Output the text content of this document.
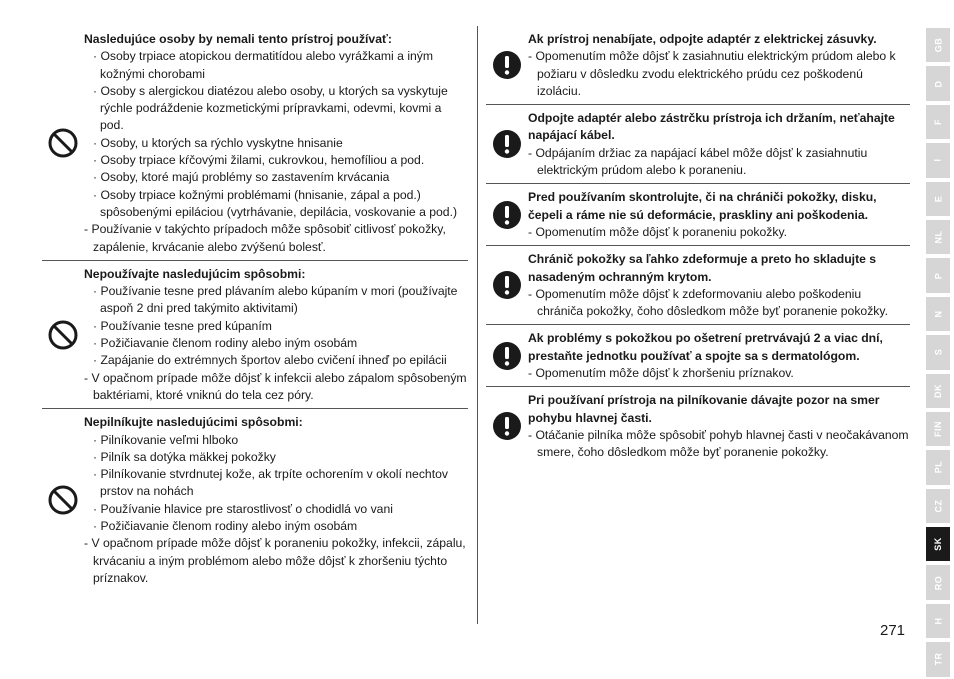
Nasledujúce osoby by nemali tento prístroj používať:
· Osoby trpiace atopickou dermatitídou alebo vyrážkami a iným kožnými chorobami
· Osoby s alergickou diatézou alebo osoby, u ktorých sa vyskytuje rýchle podráždenie kozmetickými prípravkami, odevmi, kovmi a pod.
· Osoby, u ktorých sa rýchlo vyskytne hnisanie
· Osoby trpiace kŕčovými žilami, cukrovkou, hemofíliou a pod.
· Osoby, ktoré majú problémy so zastavením krvácania
· Osoby trpiace kožnými problémami (hnisanie, zápal a pod.) spôsobenými epiláciou (vytrhávanie, depilácia, voskovanie a pod.)
- Používanie v takýchto prípadoch môže spôsobiť citlivosť pokožky, zapálenie, krvácanie alebo zvýšenú bolesť.
Nepoužívajte nasledujúcim spôsobmi:
· Používanie tesne pred plávaním alebo kúpaním v mori (používajte aspoň 2 dni pred takýmito aktivitami)
· Používanie tesne pred kúpaním
· Požičiavanie členom rodiny alebo iným osobám
· Zapájanie do extrémnych športov alebo cvičení ihneď po epilácii
- V opačnom prípade môže dôjsť k infekcii alebo zápalom spôsobeným baktériami, ktoré vniknú do tela cez póry.
Nepilníkujte nasledujúcimi spôsobmi:
· Pilníkovanie veľmi hlboko
· Pilník sa dotýka mäkkej pokožky
· Pilníkovanie stvrdnutej kože, ak trpíte ochorením v okolí nechtov prstov na nohách
· Používanie hlavice pre starostlivosť o chodidlá vo vani
· Požičiavanie členom rodiny alebo iným osobám
- V opačnom prípade môže dôjsť k poraneniu pokožky, infekcii, zápalu, krvácaniu a iným problémom alebo môže dôjsť k zhoršeniu týchto príznakov.
Ak prístroj nenabíjate, odpojte adaptér z elektrickej zásuvky.
- Opomenutím môže dôjsť k zasiahnutiu elektrickým prúdom alebo k požiaru v dôsledku zvodu elektrického prúdu cez poškodenú izoláciu.
Odpojte adaptér alebo zástrčku prístroja ich držaním, neťahajte napájací kábel.
- Odpájaním držiac za napájací kábel môže dôjsť k zasiahnutiu elektrickým prúdom alebo k poraneniu.
Pred používaním skontrolujte, či na chrániči pokožky, disku, čepeli a ráme nie sú deformácie, praskliny ani poškodenia.
- Opomenutím môže dôjsť k poraneniu pokožky.
Chránič pokožky sa ľahko zdeformuje a preto ho skladujte s nasadeným ochranným krytom.
- Opomenutím môže dôjsť k zdeformovaniu alebo poškodeniu chrániča pokožky, čoho dôsledkom môže byť poranenie pokožky.
Ak problémy s pokožkou po ošetrení pretrvávajú 2 a viac dní, prestaňte jednotku používať a spojte sa s dermatológom.
- Opomenutím môže dôjsť k zhoršeniu príznakov.
Pri používaní prístroja na pilníkovanie dávajte pozor na smer pohybu hlavnej časti.
- Otáčanie pilníka môže spôsobiť pohyb hlavnej časti v neočakávanom smere, čoho dôsledkom môže byť poranenie pokožky.
GB
D
F
I
E
NL
P
N
S
DK
FIN
PL
CZ
SK
RO
H
TR
271
